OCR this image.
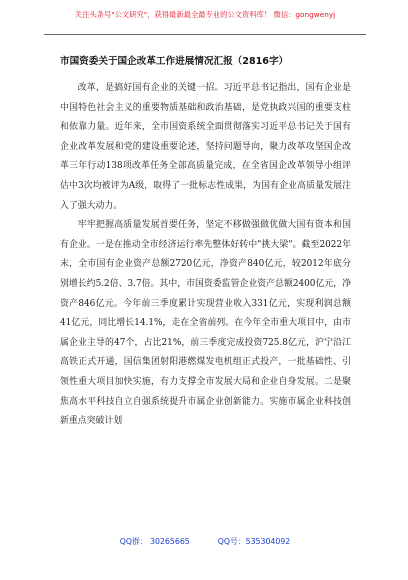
关注头条号"公文研究"，获得最新最全最专业的公文资料库！ 微信：gongwenyj
市国资委关于国企改革工作进展情况汇报（2816字）

改革，是搞好国有企业的关键一招。习近平总书记指出，国有企业是中国特色社会主义的重要物质基础和政治基础，是党执政兴国的重要支柱和依靠力量。近年来，全市国资系统全面贯彻落实习近平总书记关于国有企业改革发展和党的建设重要论述，坚持问题导向，聚力改革攻坚国企改革三年行动138项改革任务全部高质量完成，在全省国企改革领导小组评估中3次均被评为A级，取得了一批标志性成果，为国有企业高质量发展注入了强大动力。

牢牢把握高质量发展首要任务，坚定不移做强做优做大国有资本和国有企业。一是在推动全市经济运行率先整体好转中"挑大梁"。截至2022年末，全市国有企业资产总额2720亿元，净资产840亿元，较2012年底分别增长约5.2倍、3.7倍。其中，市国资委监管企业资产总额2400亿元，净资产846亿元。今年前三季度累计实现营业收入331亿元，实现利润总额41亿元，同比增长14.1%，走在全省前列。在今年全市重大项目中，由市属企业主导的47个，占比21%，前三季度完成投资725.8亿元，沪宁沿江高铁正式开通，国信集团射阳港燃煤发电机组正式投产，一批基础性、引领性重大项目加快实施，有力支撑全市发展大局和企业自身发展。二是聚焦高水平科技自立自强系统提升市属企业创新能力。实施市属企业科技创新重点突破计划

QQ群： 30265665	QQ号：535304092
